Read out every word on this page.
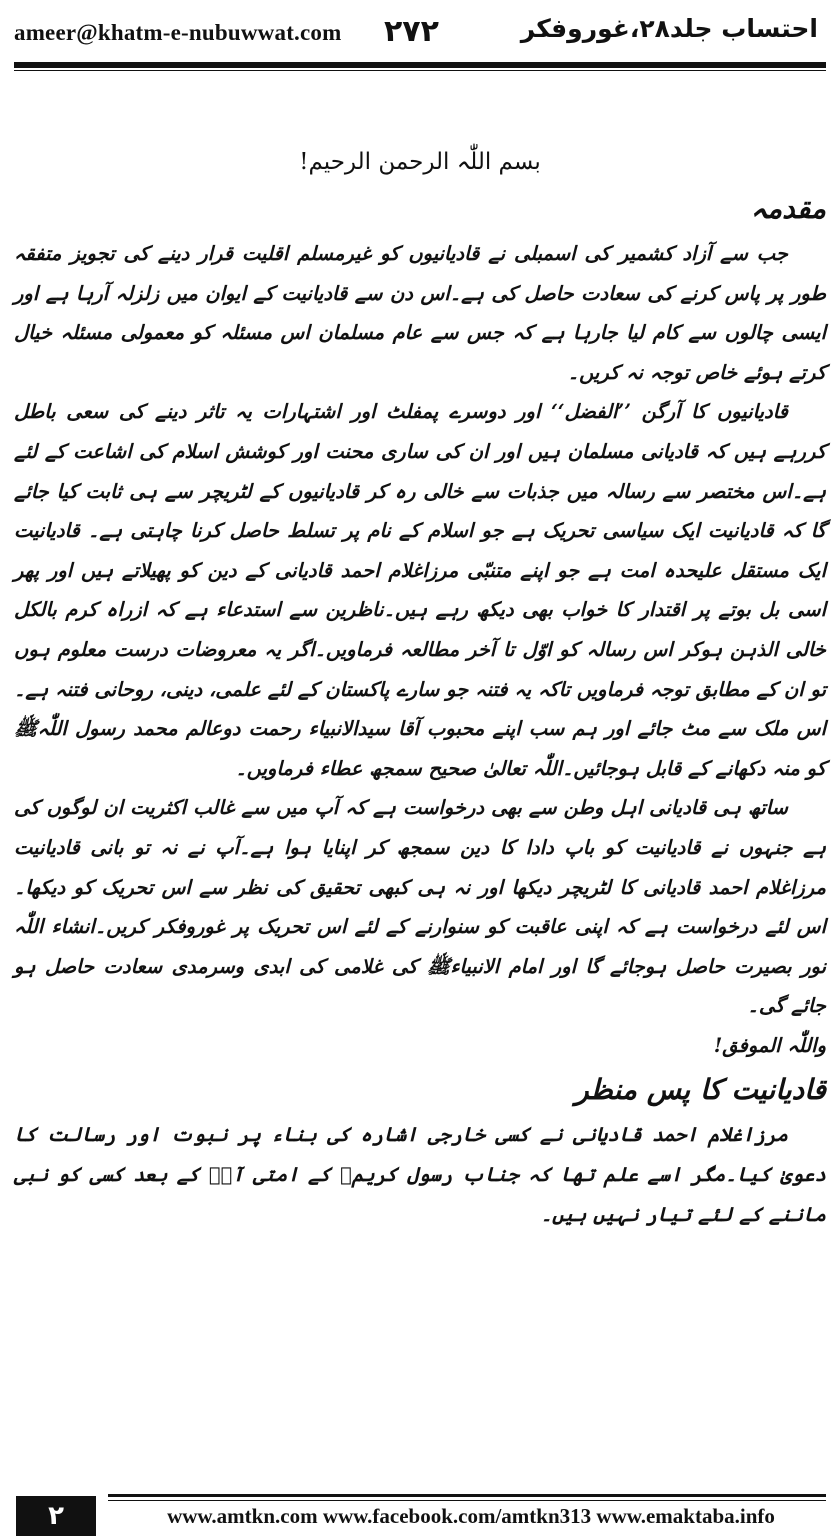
ameer@khatm-e-nubuwwat.com ۲۷۲	احتساب جلد۲۸،غوروفکر
بسم اللّٰہ الرحمن الرحیم!
مقدمہ

جب سے آزاد کشمیر کی اسمبلی نے قادیانیوں کو غیرمسلم اقلیت قرار دینے کی تجویز متفقہ طور پر پاس کرنے کی سعادت حاصل کی ہے۔اس دن سے قادیانیت کے ایوان میں زلزلہ آرہا ہے اور ایسی چالوں سے کام لیا جارہا ہے کہ جس سے عام مسلمان اس مسئلہ کو معمولی مسئلہ خیال کرتے ہوئے خاص توجہ نہ کریں۔

قادیانیوں کا آرگن ’’الفضل‘‘ اور دوسرے پمفلٹ اور اشتہارات یہ تاثر دینے کی سعی باطل کررہے ہیں کہ قادیانی مسلمان ہیں اور ان کی ساری محنت اور کوشش اسلام کی اشاعت کے لئے ہے۔اس مختصر سے رسالہ میں جذبات سے خالی رہ کر قادیانیوں کے لٹریچر سے ہی ثابت کیا جائے گا کہ قادیانیت ایک سیاسی تحریک ہے جو اسلام کے نام پر تسلط حاصل کرنا چاہتی ہے۔ قادیانیت ایک مستقل علیحدہ امت ہے جو اپنے متنبّی مرزاغلام احمد قادیانی کے دین کو پھیلاتے ہیں اور پھر اسی بل بوتے پر اقتدار کا خواب بھی دیکھ رہے ہیں۔ناظرین سے استدعاء ہے کہ ازراہ کرم بالکل خالی الذہن ہوکر اس رسالہ کو اوّل تا آخر مطالعہ فرماویں۔اگر یہ معروضات درست معلوم ہوں تو ان کے مطابق توجہ فرماویں تاکہ یہ فتنہ جو سارے پاکستان کے لئے علمی، دینی، روحانی فتنہ ہے۔اس ملک سے مٹ جائے اور ہم سب اپنے محبوب آقا سیدالانبیاء رحمت دوعالم محمد رسول اللّٰہﷺ کو منہ دکھانے کے قابل ہوجائیں۔اللّٰہ تعالیٰ صحیح سمجھ عطاء فرماویں۔

ساتھ ہی قادیانی اہل وطن سے بھی درخواست ہے کہ آپ میں سے غالب اکثریت ان لوگوں کی ہے جنہوں نے قادیانیت کو باپ دادا کا دین سمجھ کر اپنایا ہوا ہے۔آپ نے نہ تو بانی قادیانیت مرزاغلام احمد قادیانی کا لٹریچر دیکھا اور نہ ہی کبھی تحقیق کی نظر سے اس تحریک کو دیکھا۔ اس لئے درخواست ہے کہ اپنی عاقبت کو سنوارنے کے لئے اس تحریک پر غوروفکر کریں۔انشاء اللّٰہ نور بصیرت حاصل ہوجائے گا اور امام الانبیاءﷺ کی غلامی کی ابدی وسرمدی سعادت حاصل ہو جائے گی۔

واللّٰہ الموفق!
قادیانیت کا پس منظر

مرزاغلام احمد قادیانی نے کسی خارجی اشارہ کی بناء پر نبوت اور رسالت کا دعویٰ کیا۔مگر اسے علم تھا کہ جناب رسول کریمﷺ کے امتی آپؐ کے بعد کسی کو نبی ماننے کے لئے تیار نہیں ہیں۔

۲	www.amtkn.com www.facebook.com/amtkn313 www.emaktaba.info
